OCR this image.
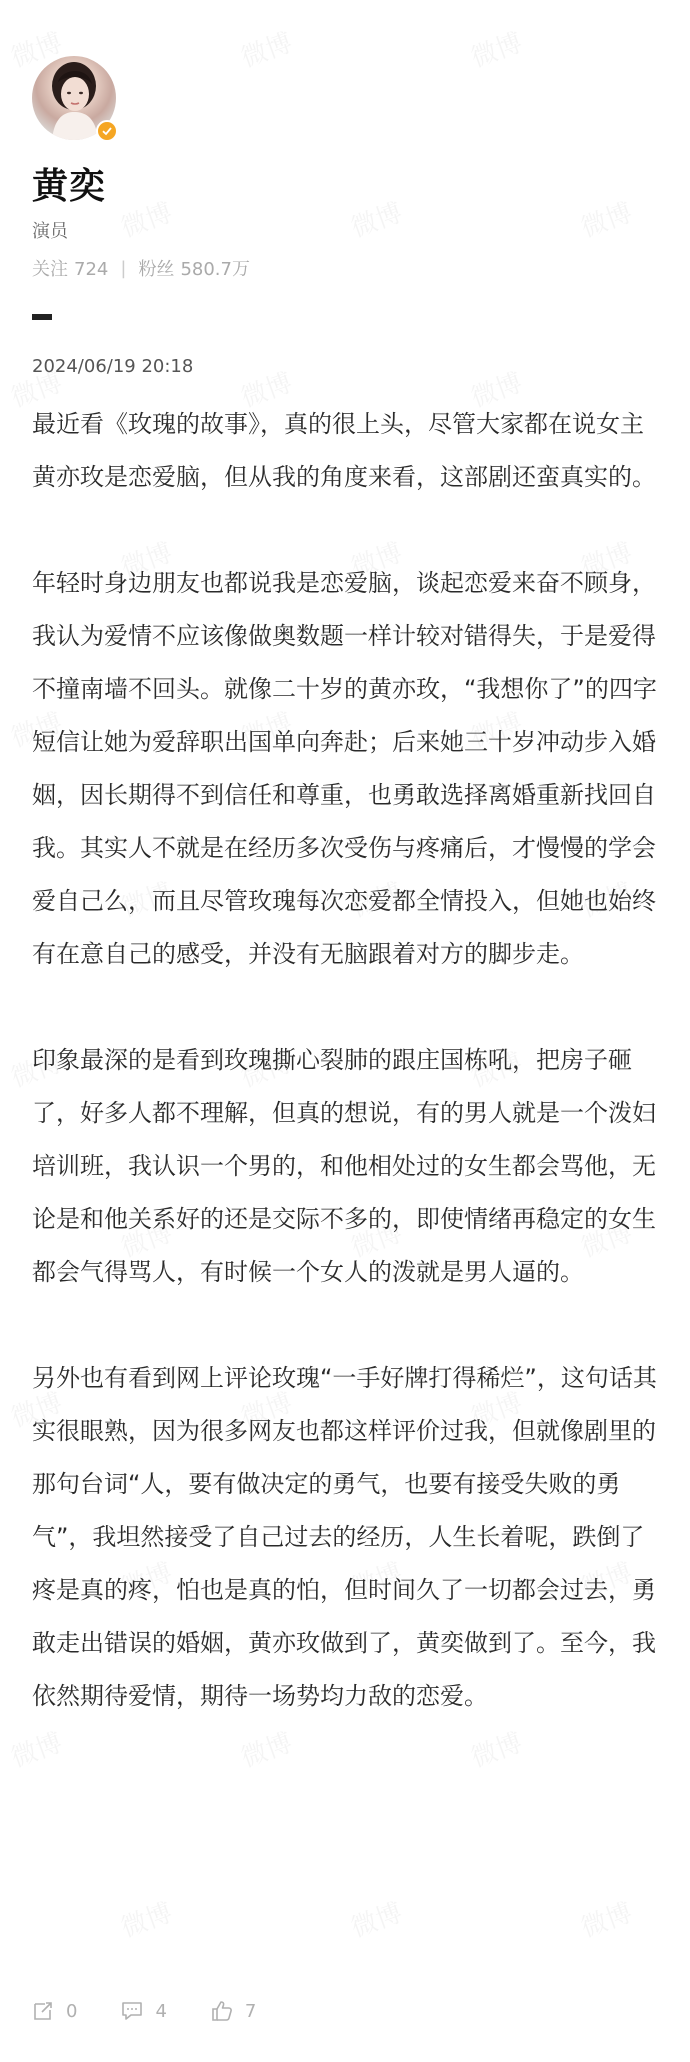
黄奕
演员
关注 724 | 粉丝 580.7万
2024/06/19 20:18

最近看《玫瑰的故事》，真的很上头，尽管大家都在说女主黄亦玫是恋爱脑，但从我的角度来看，这部剧还蛮真实的。

年轻时身边朋友也都说我是恋爱脑，谈起恋爱来奋不顾身，我认为爱情不应该像做奥数题一样计较对错得失，于是爱得不撞南墙不回头。就像二十岁的黄亦玫，“我想你了”的四字短信让她为爱辞职出国单向奔赴；后来她三十岁冲动步入婚姻，因长期得不到信任和尊重，也勇敢选择离婚重新找回自我。其实人不就是在经历多次受伤与疼痛后，才慢慢的学会爱自己么，而且尽管玫瑰每次恋爱都全情投入，但她也始终有在意自己的感受，并没有无脑跟着对方的脚步走。

印象最深的是看到玫瑰撕心裂肺的跟庄国栋吼，把房子砸了，好多人都不理解，但真的想说，有的男人就是一个泼妇培训班，我认识一个男的，和他相处过的女生都会骂他，无论是和他关系好的还是交际不多的，即使情绪再稳定的女生都会气得骂人，有时候一个女人的泼就是男人逼的。

另外也有看到网上评论玫瑰“一手好牌打得稀烂”，这句话其实很眼熟，因为很多网友也都这样评价过我，但就像剧里的那句台词“人，要有做决定的勇气，也要有接受失败的勇气”，我坦然接受了自己过去的经历，人生长着呢，跌倒了疼是真的疼，怕也是真的怕，但时间久了一切都会过去，勇敢走出错误的婚姻，黄亦玫做到了，黄奕做到了。至今，我依然期待爱情，期待一场势均力敌的恋爱。

0	4	7
